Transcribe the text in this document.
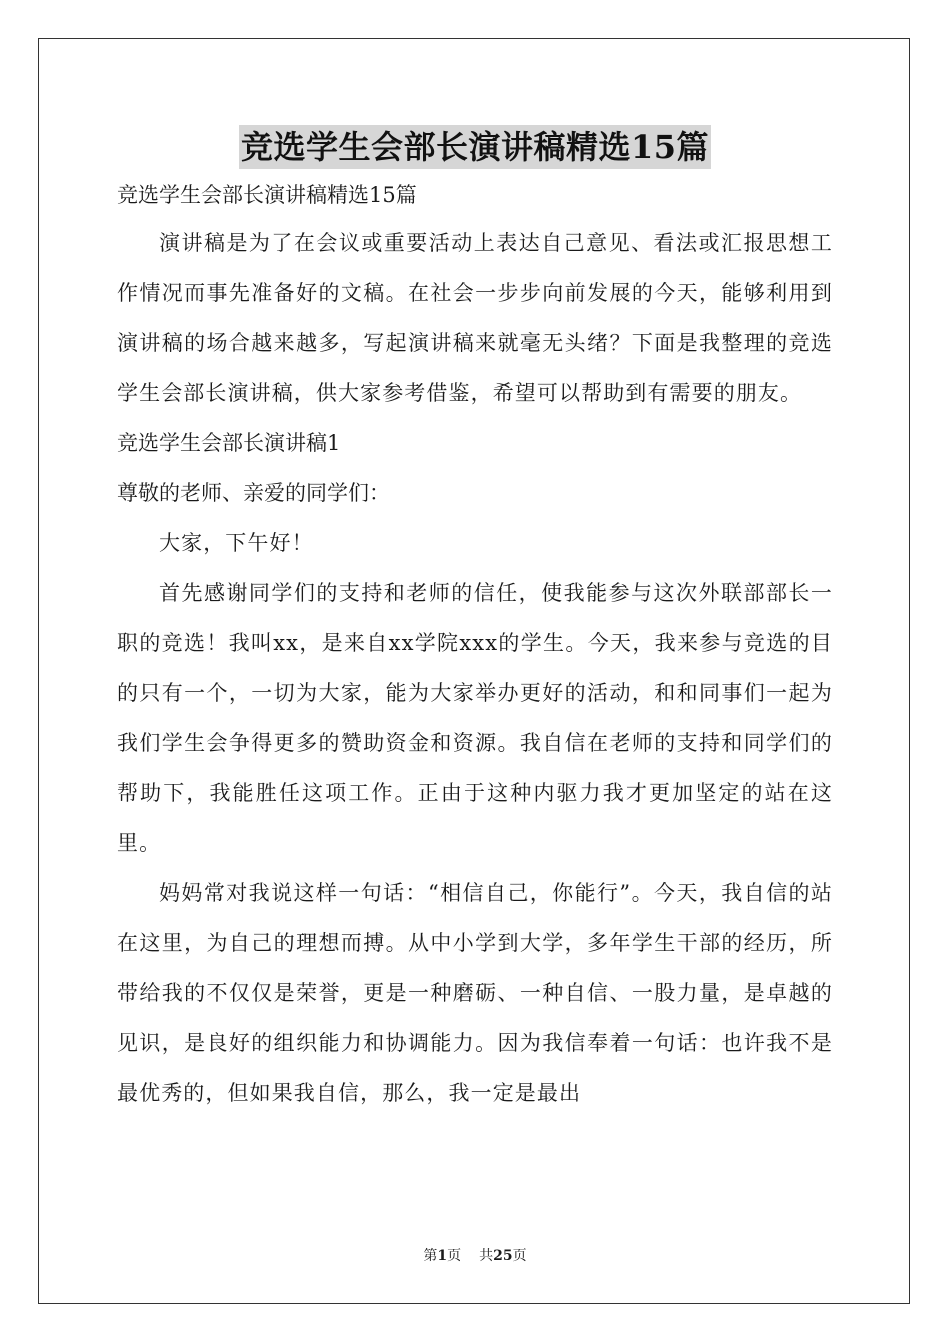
竞选学生会部长演讲稿精选15篇

竞选学生会部长演讲稿精选15篇

演讲稿是为了在会议或重要活动上表达自己意见、看法或汇报思想工作情况而事先准备好的文稿。在社会一步步向前发展的今天，能够利用到演讲稿的场合越来越多，写起演讲稿来就毫无头绪？下面是我整理的竞选学生会部长演讲稿，供大家参考借鉴，希望可以帮助到有需要的朋友。

竞选学生会部长演讲稿1

尊敬的老师、亲爱的同学们：

大家，下午好！

首先感谢同学们的支持和老师的信任，使我能参与这次外联部部长一职的竞选！我叫xx，是来自xx学院xxx的学生。今天，我来参与竞选的目的只有一个，一切为大家，能为大家举办更好的活动，和和同事们一起为我们学生会争得更多的赞助资金和资源。我自信在老师的支持和同学们的帮助下，我能胜任这项工作。正由于这种内驱力我才更加坚定的站在这里。

妈妈常对我说这样一句话：“相信自己，你能行”。今天，我自信的站在这里，为自己的理想而搏。从中小学到大学，多年学生干部的经历，所带给我的不仅仅是荣誉，更是一种磨砺、一种自信、一股力量，是卓越的见识，是良好的组织能力和协调能力。因为我信奉着一句话：也许我不是最优秀的，但如果我自信，那么，我一定是最出

第1页 共25页
